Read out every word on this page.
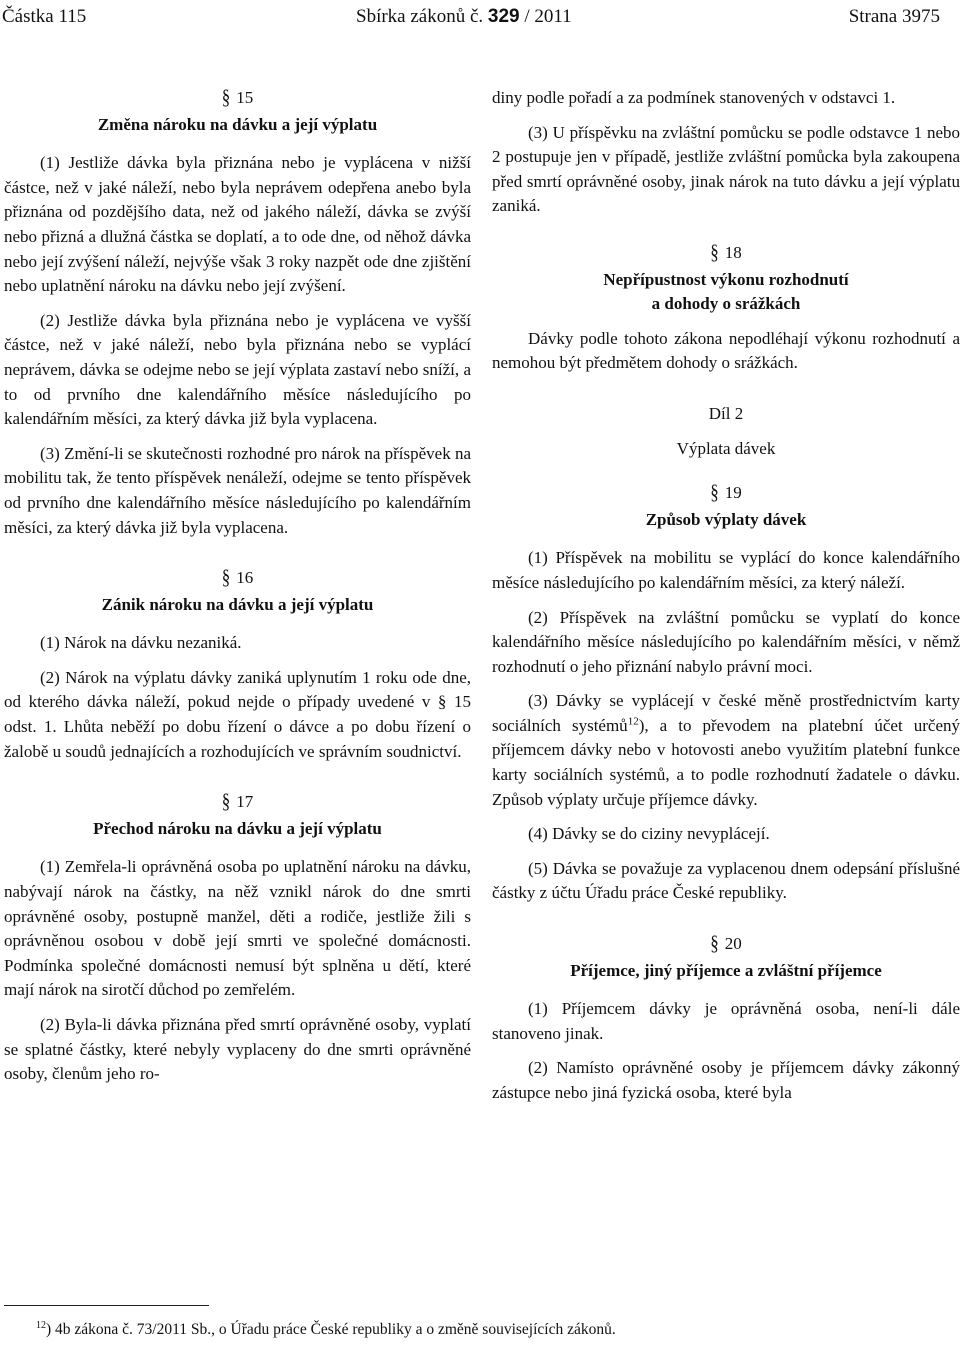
Částka 115	Sbírka zákonů č. 329 / 2011	Strana 3975

§ 15

Změna nároku na dávku a její výplatu

(1) Jestliže dávka byla přiznána nebo je vyplácena v nižší částce, než v jaké náleží, nebo byla neprávem odepřena anebo byla přiznána od pozdějšího data, než od jakého náleží, dávka se zvýší nebo přizná a dlužná částka se doplatí, a to ode dne, od něhož dávka nebo její zvýšení náleží, nejvýše však 3 roky nazpět ode dne zjištění nebo uplatnění nároku na dávku nebo její zvýšení.

(2) Jestliže dávka byla přiznána nebo je vyplácena ve vyšší částce, než v jaké náleží, nebo byla přiznána nebo se vyplácí neprávem, dávka se odejme nebo se její výplata zastaví nebo sníží, a to od prvního dne kalendářního měsíce následujícího po kalendářním měsíci, za který dávka již byla vyplacena.

(3) Změní-li se skutečnosti rozhodné pro nárok na příspěvek na mobilitu tak, že tento příspěvek nenáleží, odejme se tento příspěvek od prvního dne kalendářního měsíce následujícího po kalendářním měsíci, za který dávka již byla vyplacena.

§ 16

Zánik nároku na dávku a její výplatu

(1) Nárok na dávku nezaniká.

(2) Nárok na výplatu dávky zaniká uplynutím 1 roku ode dne, od kterého dávka náleží, pokud nejde o případy uvedené v § 15 odst. 1. Lhůta neběží po dobu řízení o dávce a po dobu řízení o žalobě u soudů jednajících a rozhodujících ve správním soudnictví.

§ 17

Přechod nároku na dávku a její výplatu

(1) Zemřela-li oprávněná osoba po uplatnění nároku na dávku, nabývají nárok na částky, na něž vznikl nárok do dne smrti oprávněné osoby, postupně manžel, děti a rodiče, jestliže žili s oprávněnou osobou v době její smrti ve společné domácnosti. Podmínka společné domácnosti nemusí být splněna u dětí, které mají nárok na sirotčí důchod po zemřelém.

(2) Byla-li dávka přiznána před smrtí oprávněné osoby, vyplatí se splatné částky, které nebyly vyplaceny do dne smrti oprávněné osoby, členům jeho ro-

diny podle pořadí a za podmínek stanovených v odstavci 1.

(3) U příspěvku na zvláštní pomůcku se podle odstavce 1 nebo 2 postupuje jen v případě, jestliže zvláštní pomůcka byla zakoupena před smrtí oprávněné osoby, jinak nárok na tuto dávku a její výplatu zaniká.

§ 18

Nepřípustnost výkonu rozhodnutí
a dohody o srážkách

Dávky podle tohoto zákona nepodléhají výkonu rozhodnutí a nemohou být předmětem dohody o srážkách.

Díl 2

Výplata dávek

§ 19

Způsob výplaty dávek

(1) Příspěvek na mobilitu se vyplácí do konce kalendářního měsíce následujícího po kalendářním měsíci, za který náleží.

(2) Příspěvek na zvláštní pomůcku se vyplatí do konce kalendářního měsíce následujícího po kalendářním měsíci, v němž rozhodnutí o jeho přiznání nabylo právní moci.

(3) Dávky se vyplácejí v české měně prostřednictvím karty sociálních systémů$^{12}$), a to převodem na platební účet určený příjemcem dávky nebo v hotovosti anebo využitím platební funkce karty sociálních systémů, a to podle rozhodnutí žadatele o dávku. Způsob výplaty určuje příjemce dávky.

(4) Dávky se do ciziny nevyplácejí.

(5) Dávka se považuje za vyplacenou dnem odepsání příslušné částky z účtu Úřadu práce České republiky.

§ 20

Příjemce, jiný příjemce a zvláštní příjemce

(1) Příjemcem dávky je oprávněná osoba, není-li dále stanoveno jinak.

(2) Namísto oprávněné osoby je příjemcem dávky zákonný zástupce nebo jiná fyzická osoba, které byla

$^{12}$) 4b zákona č. 73/2011 Sb., o Úřadu práce České republiky a o změně souvisejících zákonů.
